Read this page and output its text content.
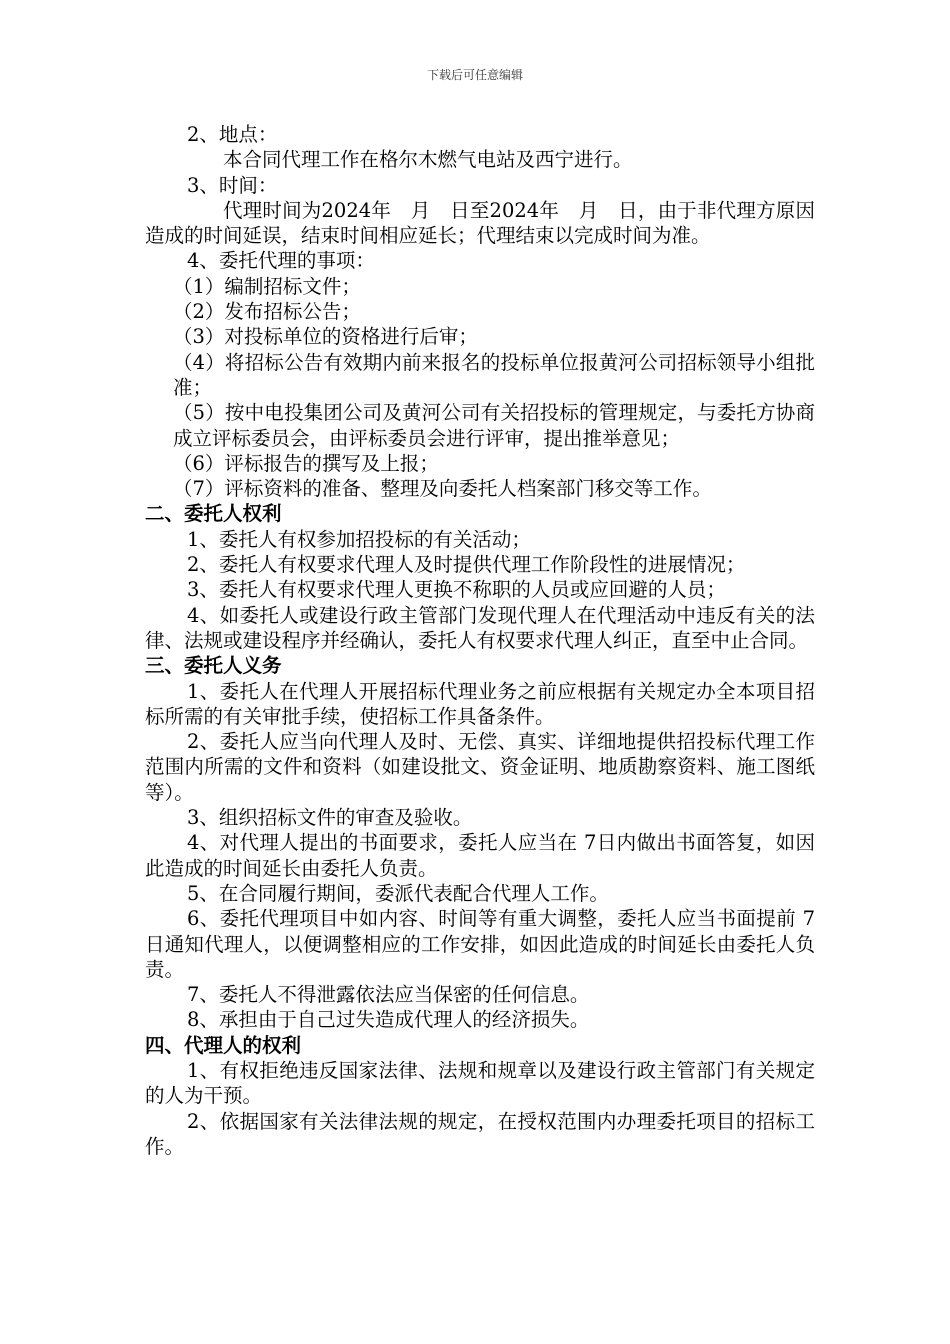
下载后可任意编辑

2、地点：

本合同代理工作在格尔木燃气电站及西宁进行。

3、时间：

代理时间为2024年　月　日至2024年　月　日，由于非代理方原因造成的时间延误，结束时间相应延长；代理结束以完成时间为准。

4、委托代理的事项：

（1）编制招标文件；

（2）发布招标公告；

（3）对投标单位的资格进行后审；

（4）将招标公告有效期内前来报名的投标单位报黄河公司招标领导小组批准；

（5）按中电投集团公司及黄河公司有关招投标的管理规定，与委托方协商成立评标委员会，由评标委员会进行评审，提出推举意见；

（6）评标报告的撰写及上报；

（7）评标资料的准备、整理及向委托人档案部门移交等工作。

二、委托人权利

1、委托人有权参加招投标的有关活动；

2、委托人有权要求代理人及时提供代理工作阶段性的进展情况；

3、委托人有权要求代理人更换不称职的人员或应回避的人员；

4、如委托人或建设行政主管部门发现代理人在代理活动中违反有关的法律、法规或建设程序并经确认，委托人有权要求代理人纠正，直至中止合同。

三、委托人义务

1、委托人在代理人开展招标代理业务之前应根据有关规定办全本项目招标所需的有关审批手续，使招标工作具备条件。

2、委托人应当向代理人及时、无偿、真实、详细地提供招投标代理工作范围内所需的文件和资料（如建设批文、资金证明、地质勘察资料、施工图纸等）。

3、组织招标文件的审查及验收。

4、对代理人提出的书面要求，委托人应当在 7日内做出书面答复，如因此造成的时间延长由委托人负责。

5、在合同履行期间，委派代表配合代理人工作。

6、委托代理项目中如内容、时间等有重大调整，委托人应当书面提前 7日通知代理人，以便调整相应的工作安排，如因此造成的时间延长由委托人负责。

7、委托人不得泄露依法应当保密的任何信息。

8、承担由于自己过失造成代理人的经济损失。

四、代理人的权利

1、有权拒绝违反国家法律、法规和规章以及建设行政主管部门有关规定的人为干预。

2、依据国家有关法律法规的规定，在授权范围内办理委托项目的招标工作。
